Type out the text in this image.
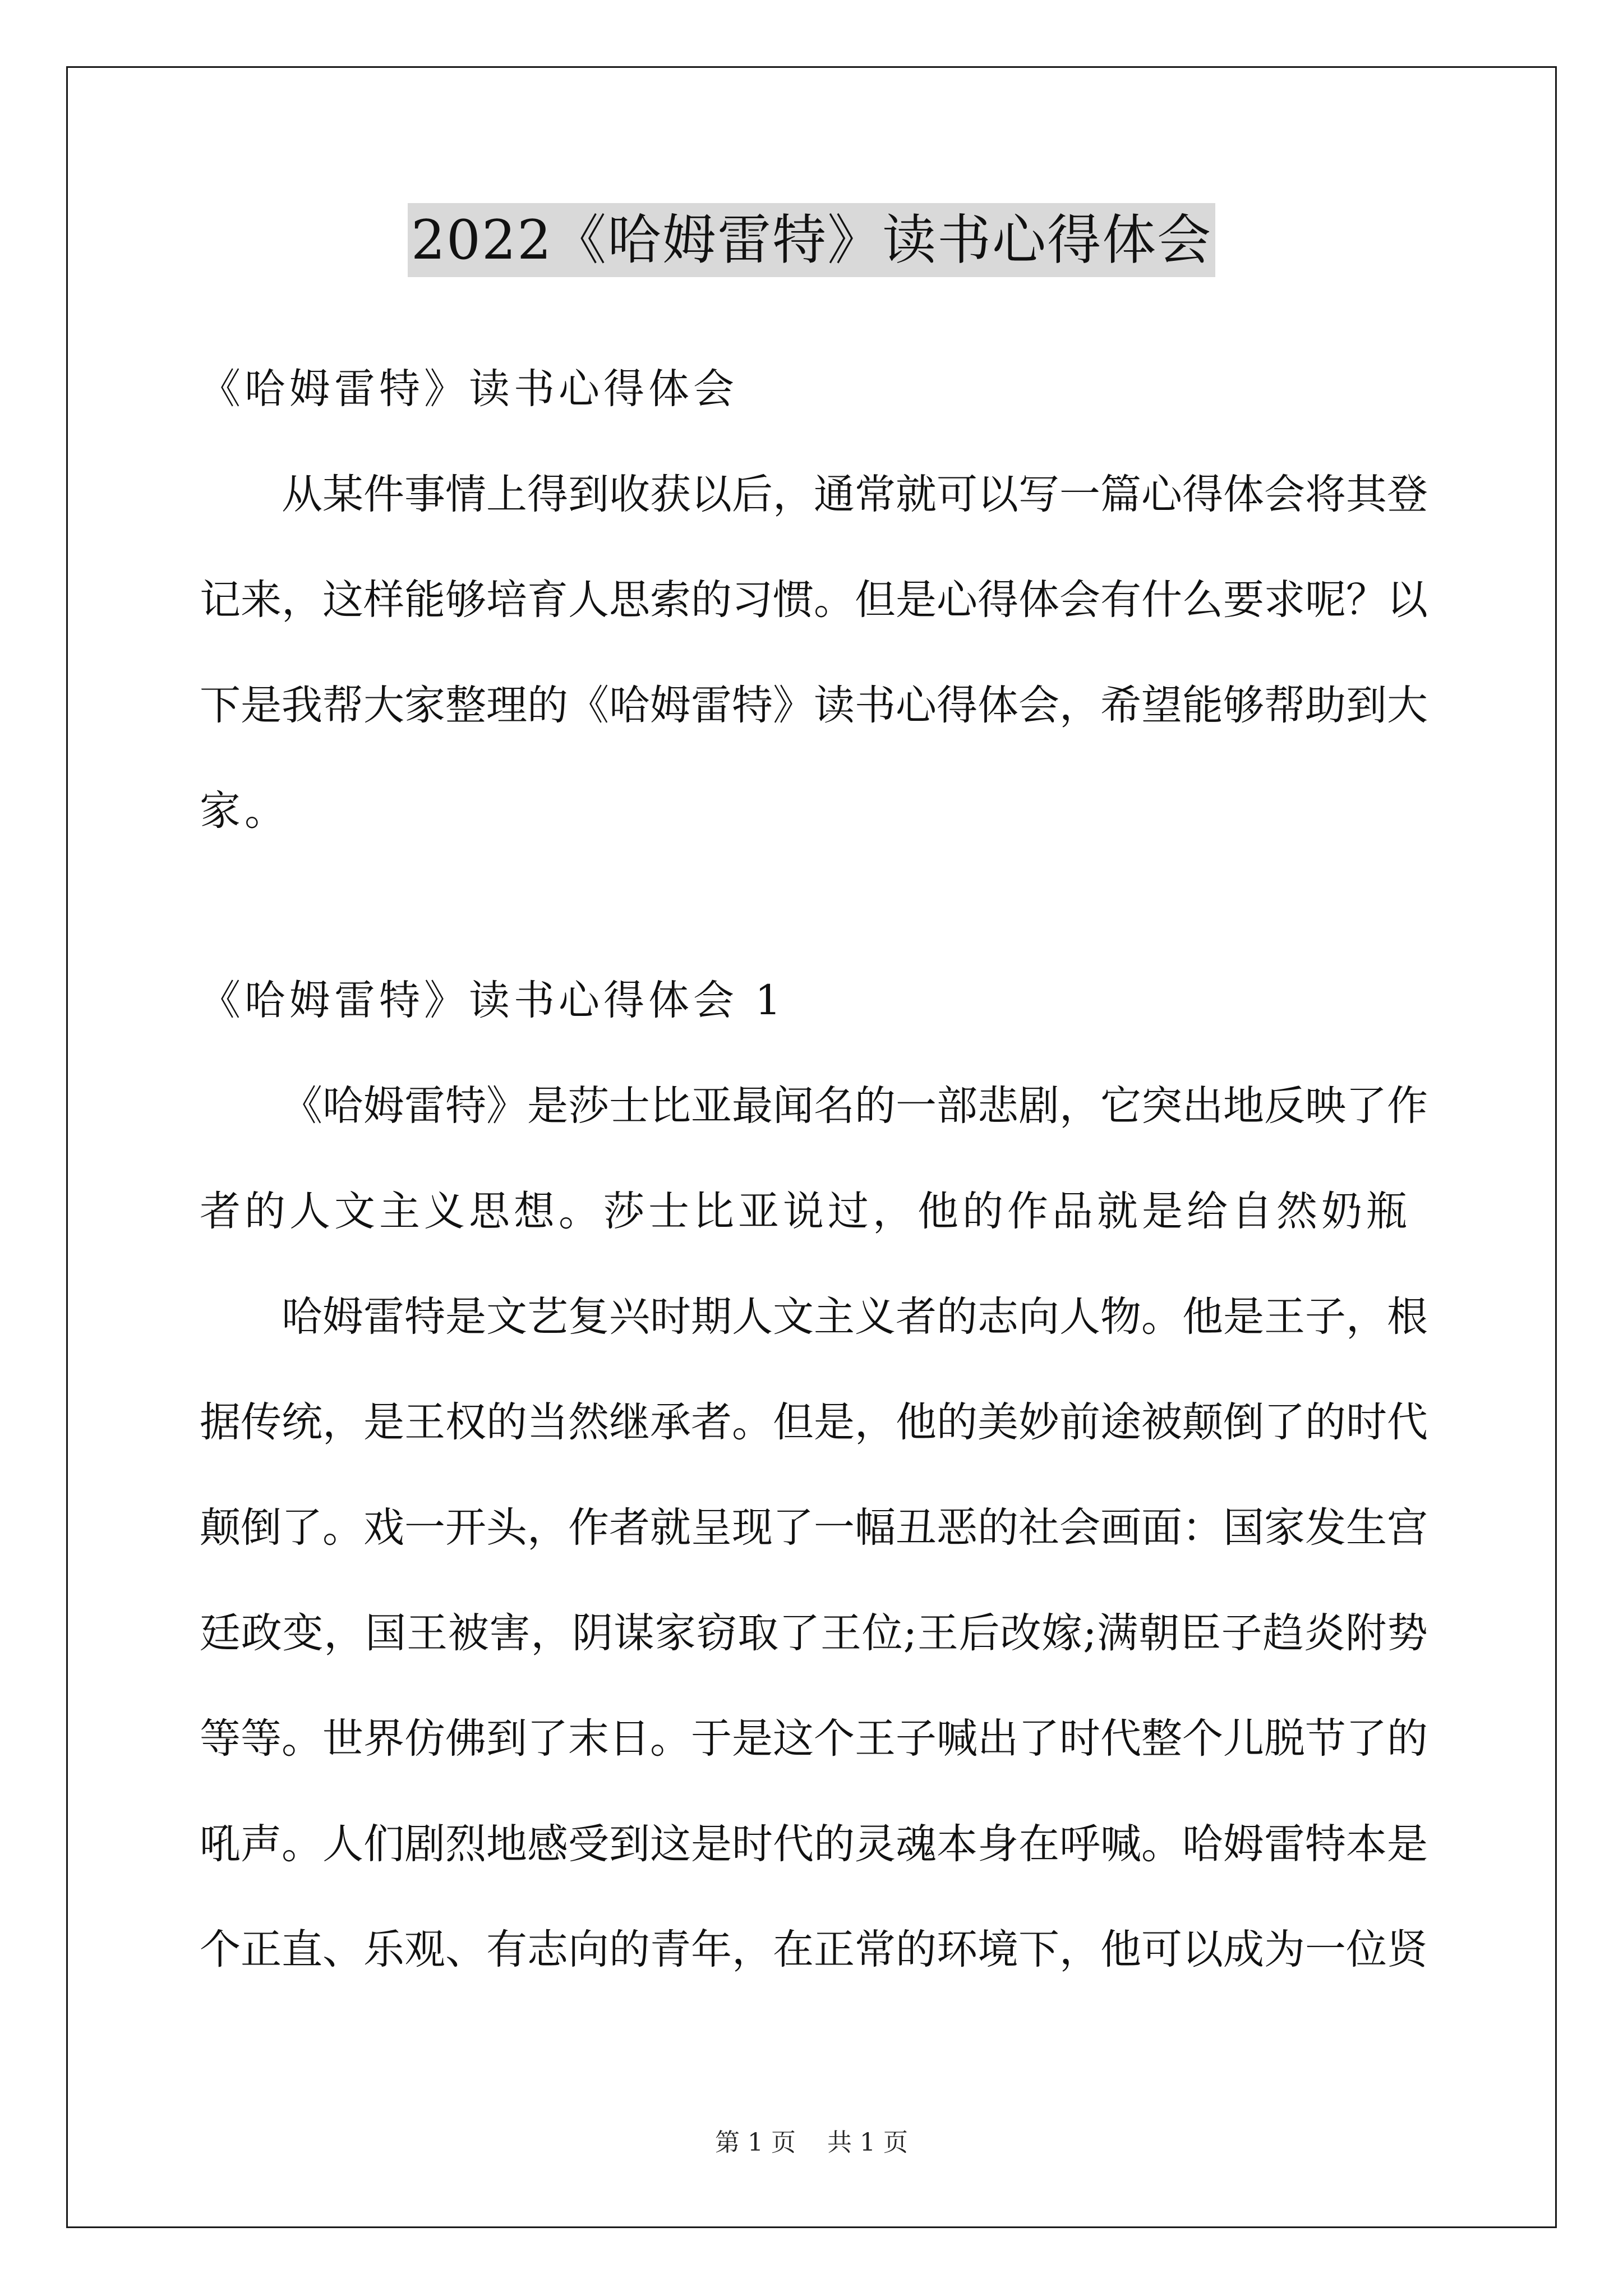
2022《哈姆雷特》读书心得体会
《哈姆雷特》读书心得体会
从某件事情上得到收获以后，通常就可以写一篇心得体会将其登
记来，这样能够培育人思索的习惯。但是心得体会有什么要求呢？以
下是我帮大家整理的《哈姆雷特》读书心得体会，希望能够帮助到大
家。
《哈姆雷特》读书心得体会 1
《哈姆雷特》是莎士比亚最闻名的一部悲剧，它突出地反映了作
者的人文主义思想。莎士比亚说过，他的作品就是给自然奶瓶
哈姆雷特是文艺复兴时期人文主义者的志向人物。他是王子，根
据传统，是王权的当然继承者。但是，他的美妙前途被颠倒了的时代
颠倒了。戏一开头，作者就呈现了一幅丑恶的社会画面：国家发生宫
廷政变，国王被害，阴谋家窃取了王位;王后改嫁;满朝臣子趋炎附势
等等。世界仿佛到了末日。于是这个王子喊出了时代整个儿脱节了的
吼声。人们剧烈地感受到这是时代的灵魂本身在呼喊。哈姆雷特本是
个正直、乐观、有志向的青年，在正常的环境下，他可以成为一位贤
第 1 页 共 1 页
